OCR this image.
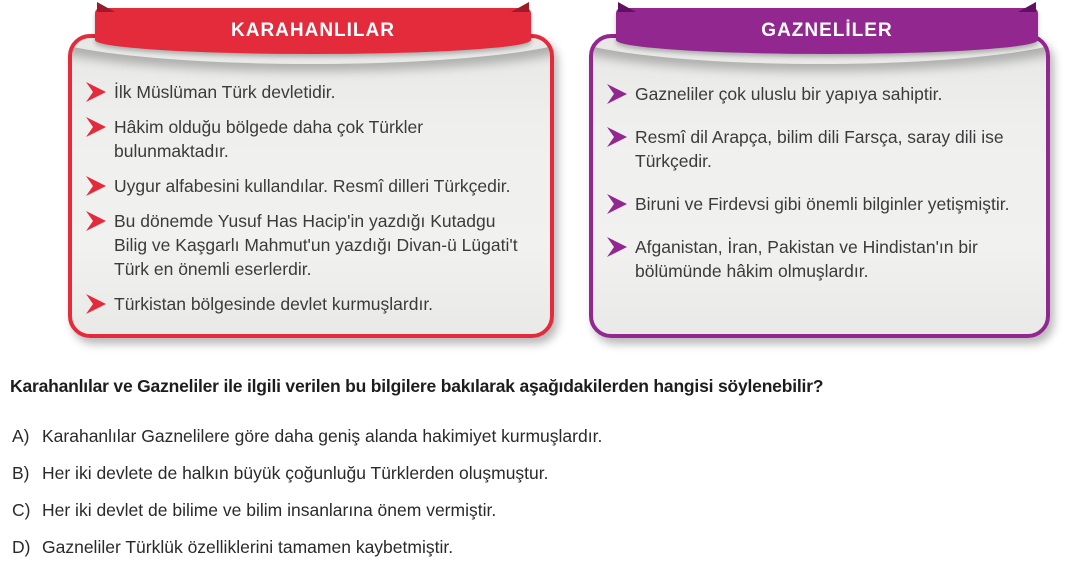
İlk Müslüman Türk devletidir.
Hâkim olduğu bölgede daha çok Türkler bulunmaktadır.
Uygur alfabesini kullandılar. Resmî dilleri Türkçedir.
Bu dönemde Yusuf Has Hacip'in yazdığı Kutadgu Bilig ve Kaşgarlı Mahmut'un yazdığı Divan-ü Lügati't Türk en önemli eserlerdir.
Türkistan bölgesinde devlet kurmuşlardır.
KARAHANLILAR
Gazneliler çok uluslu bir yapıya sahiptir.
Resmî dil Arapça, bilim dili Farsça, saray dili ise Türkçedir.
Biruni ve Firdevsi gibi önemli bilginler yetişmiştir.
Afganistan, İran, Pakistan ve Hindistan'ın bir bölümünde hâkim olmuşlardır.
GAZNELİLER
Karahanlılar ve Gazneliler ile ilgili verilen bu bilgilere bakılarak aşağıdakilerden hangisi söylenebilir?
A) Karahanlılar Gaznelilere göre daha geniş alanda hakimiyet kurmuşlardır.
B) Her iki devlete de halkın büyük çoğunluğu Türklerden oluşmuştur.
C) Her iki devlet de bilime ve bilim insanlarına önem vermiştir.
D) Gazneliler Türklük özelliklerini tamamen kaybetmiştir.
